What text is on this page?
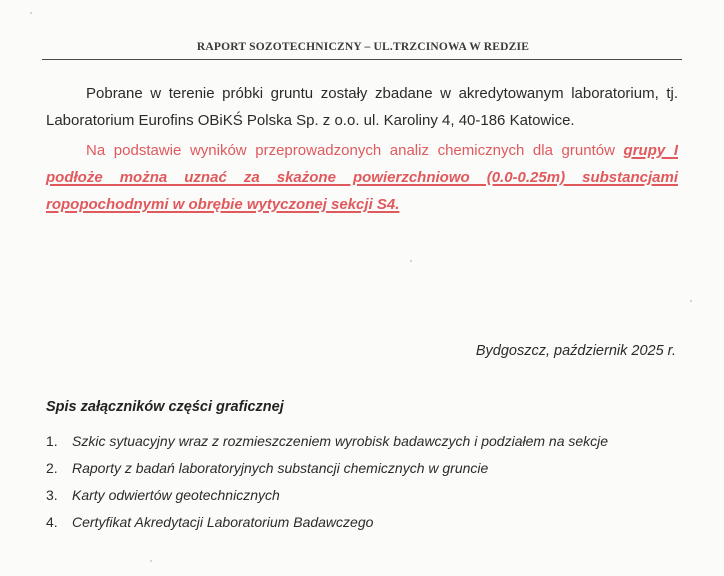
RAPORT SOZOTECHNICZNY – UL.TRZCINOWA W REDZIE

Pobrane w terenie próbki gruntu zostały zbadane w akredytowanym laboratorium, tj. Laboratorium Eurofins OBiKŚ Polska Sp. z o.o. ul. Karoliny 4, 40-186 Katowice.

Na podstawie wyników przeprowadzonych analiz chemicznych dla gruntów grupy I podłoże można uznać za skażone powierzchniowo (0.0-0.25m) substancjami ropopochodnymi w obrębie wytyczonej sekcji S4.

Bydgoszcz, październik 2025 r.
Spis załączników części graficznej
1.	Szkic sytuacyjny wraz z rozmieszczeniem wyrobisk badawczych i podziałem na sekcje
2.	Raporty z badań laboratoryjnych substancji chemicznych w gruncie
3.	Karty odwiertów geotechnicznych
4.	Certyfikat Akredytacji Laboratorium Badawczego
